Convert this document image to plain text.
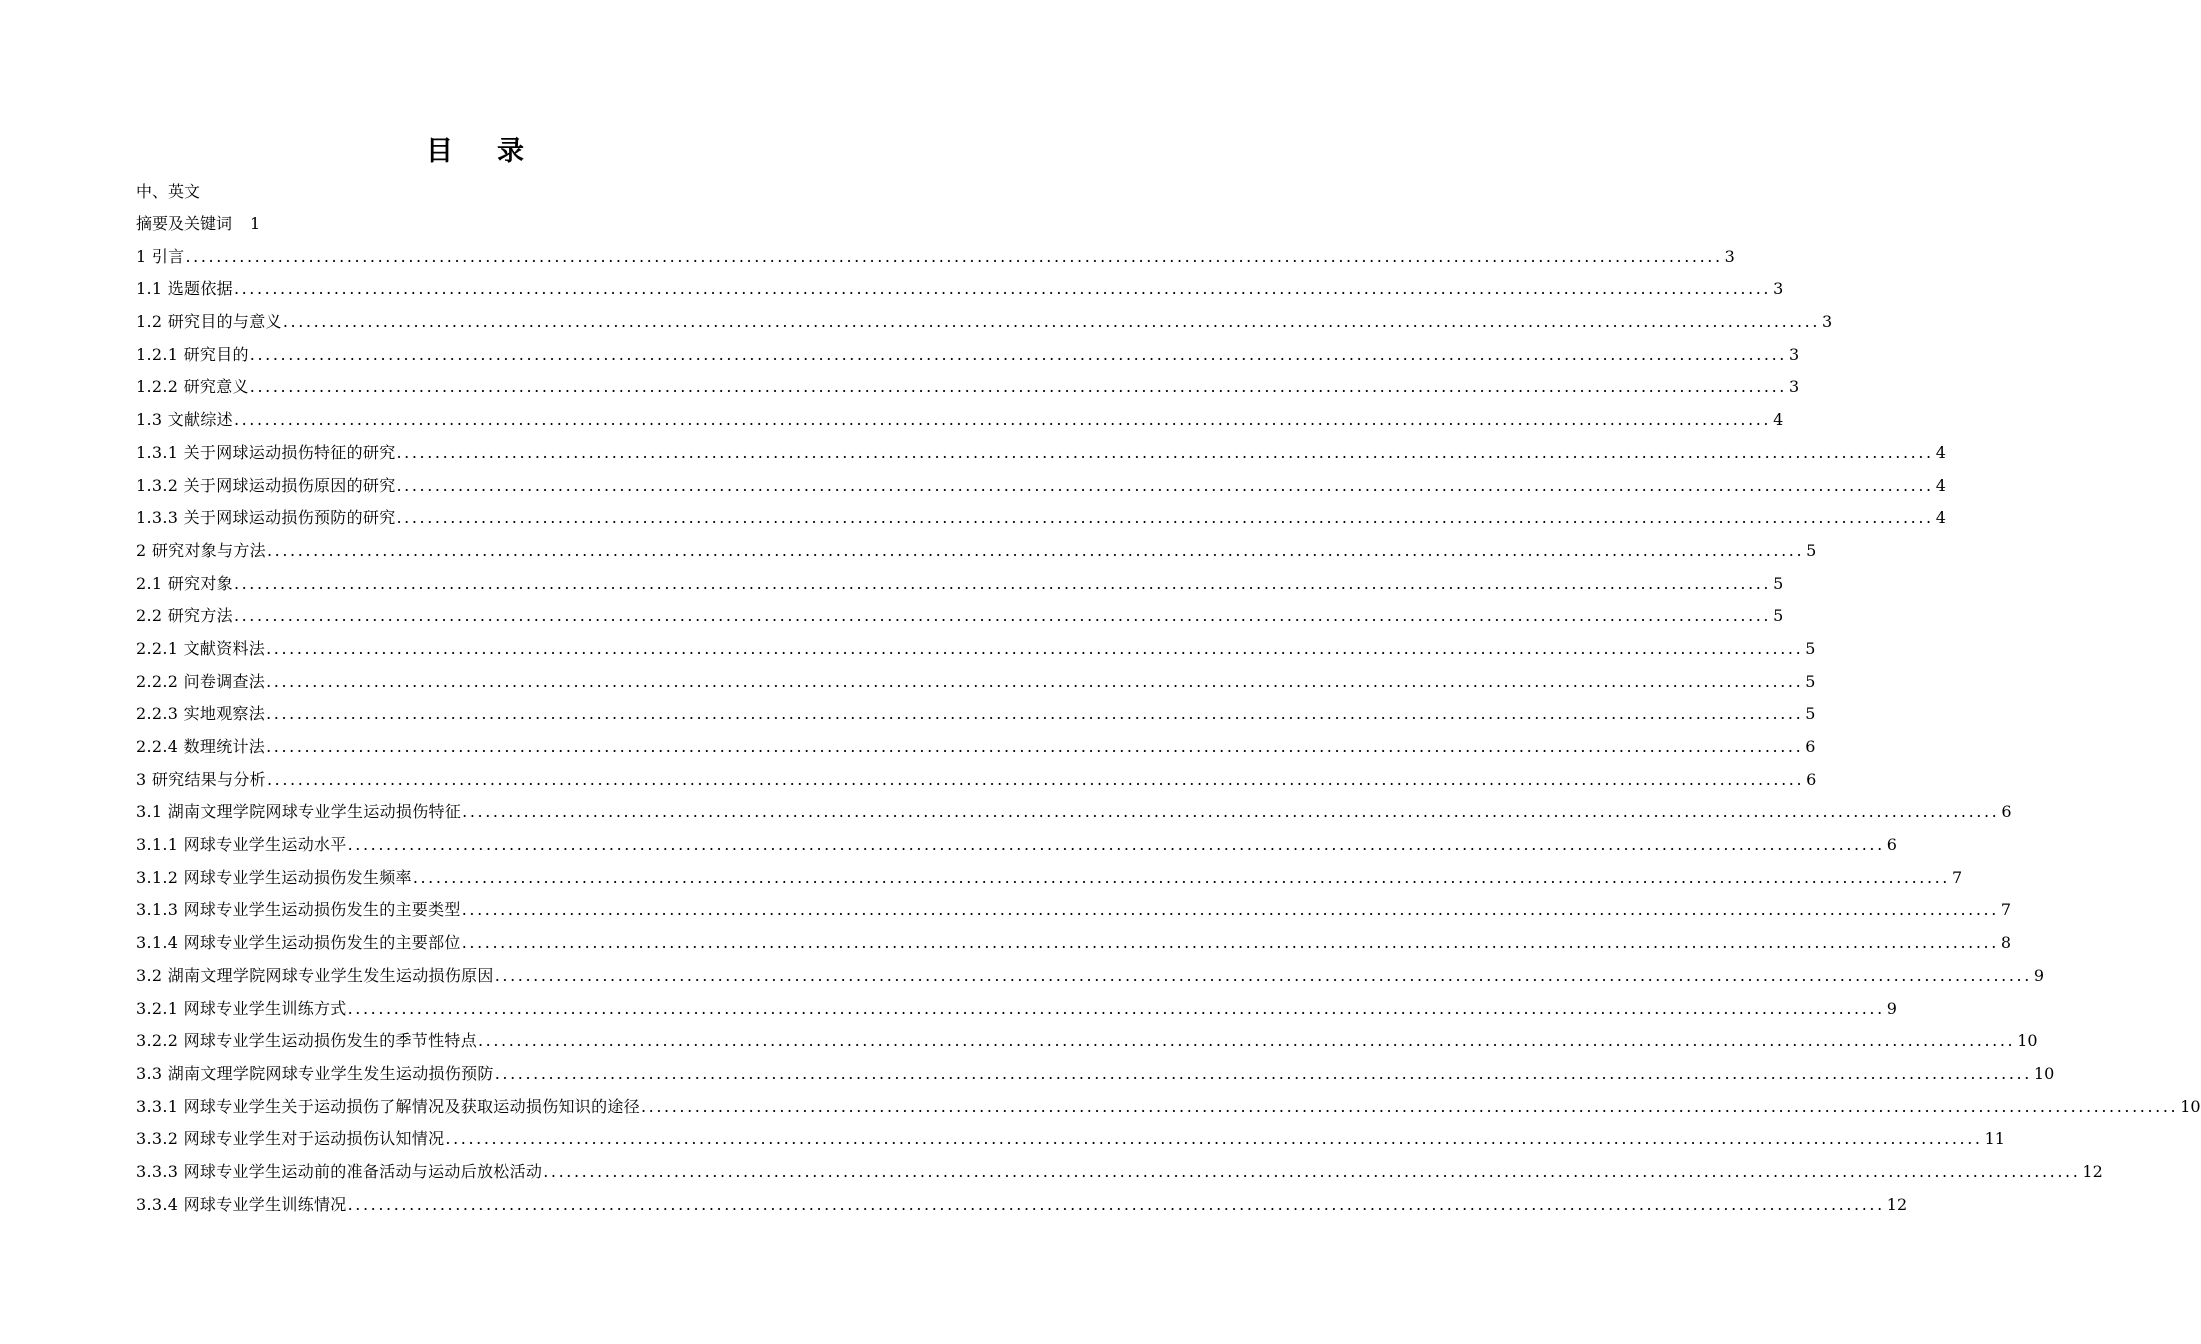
目 录
中、英文
摘要及关键词 1
1 引言 ........................................................................................................................................................................................................ 3
1.1 选题依据 ........................................................................................................................................................................................................ 3
1.2 研究目的与意义 ........................................................................................................................................................................................................ 3
1.2.1 研究目的 ........................................................................................................................................................................................................ 3
1.2.2 研究意义 ........................................................................................................................................................................................................ 3
1.3 文献综述 ........................................................................................................................................................................................................ 4
1.3.1 关于网球运动损伤特征的研究 ........................................................................................................................................................................................................ 4
1.3.2 关于网球运动损伤原因的研究 ........................................................................................................................................................................................................ 4
1.3.3 关于网球运动损伤预防的研究 ........................................................................................................................................................................................................ 4
2 研究对象与方法 ........................................................................................................................................................................................................ 5
2.1 研究对象 ........................................................................................................................................................................................................ 5
2.2 研究方法 ........................................................................................................................................................................................................ 5
2.2.1 文献资料法 ........................................................................................................................................................................................................ 5
2.2.2 问卷调查法 ........................................................................................................................................................................................................ 5
2.2.3 实地观察法 ........................................................................................................................................................................................................ 5
2.2.4 数理统计法 ........................................................................................................................................................................................................ 6
3 研究结果与分析 ........................................................................................................................................................................................................ 6
3.1 湖南文理学院网球专业学生运动损伤特征 ........................................................................................................................................................................................................ 6
3.1.1 网球专业学生运动水平 ........................................................................................................................................................................................................ 6
3.1.2 网球专业学生运动损伤发生频率 ........................................................................................................................................................................................................ 7
3.1.3 网球专业学生运动损伤发生的主要类型 ........................................................................................................................................................................................................ 7
3.1.4 网球专业学生运动损伤发生的主要部位 ........................................................................................................................................................................................................ 8
3.2 湖南文理学院网球专业学生发生运动损伤原因 ........................................................................................................................................................................................................ 9
3.2.1 网球专业学生训练方式 ........................................................................................................................................................................................................ 9
3.2.2 网球专业学生运动损伤发生的季节性特点 ........................................................................................................................................................................................................ 10
3.3 湖南文理学院网球专业学生发生运动损伤预防 ........................................................................................................................................................................................................ 10
3.3.1 网球专业学生关于运动损伤了解情况及获取运动损伤知识的途径 ........................................................................................................................................................................................................ 10
3.3.2 网球专业学生对于运动损伤认知情况 ........................................................................................................................................................................................................ 11
3.3.3 网球专业学生运动前的准备活动与运动后放松活动 ........................................................................................................................................................................................................ 12
3.3.4 网球专业学生训练情况 ........................................................................................................................................................................................................ 12
